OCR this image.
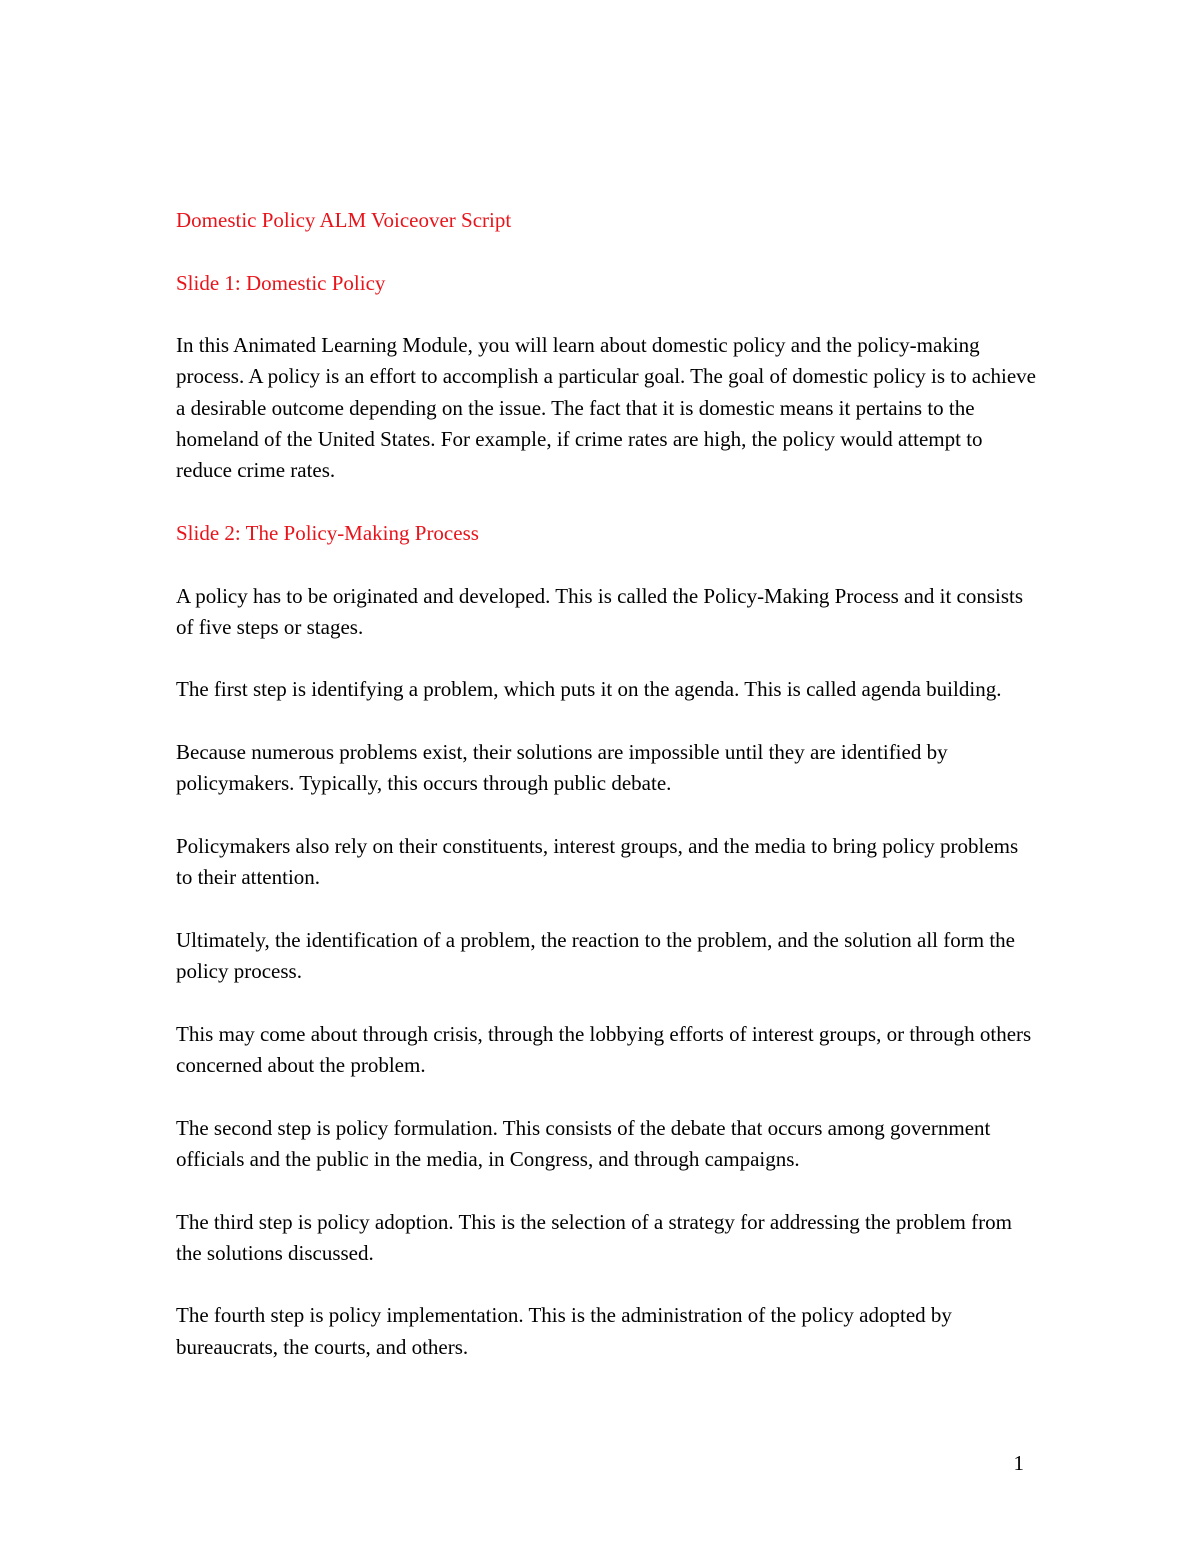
Domestic Policy ALM Voiceover Script

Slide 1: Domestic Policy

In this Animated Learning Module, you will learn about domestic policy and the policy-making process. A policy is an effort to accomplish a particular goal. The goal of domestic policy is to achieve a desirable outcome depending on the issue. The fact that it is domestic means it pertains to the homeland of the United States. For example, if crime rates are high, the policy would attempt to reduce crime rates.

Slide 2: The Policy-Making Process

A policy has to be originated and developed. This is called the Policy-Making Process and it consists of five steps or stages.

The first step is identifying a problem, which puts it on the agenda. This is called agenda building.

Because numerous problems exist, their solutions are impossible until they are identified by policymakers. Typically, this occurs through public debate.

Policymakers also rely on their constituents, interest groups, and the media to bring policy problems to their attention.

Ultimately, the identification of a problem, the reaction to the problem, and the solution all form the policy process.

This may come about through crisis, through the lobbying efforts of interest groups, or through others concerned about the problem.

The second step is policy formulation. This consists of the debate that occurs among government officials and the public in the media, in Congress, and through campaigns.

The third step is policy adoption. This is the selection of a strategy for addressing the problem from the solutions discussed.

The fourth step is policy implementation. This is the administration of the policy adopted by bureaucrats, the courts, and others.

1
